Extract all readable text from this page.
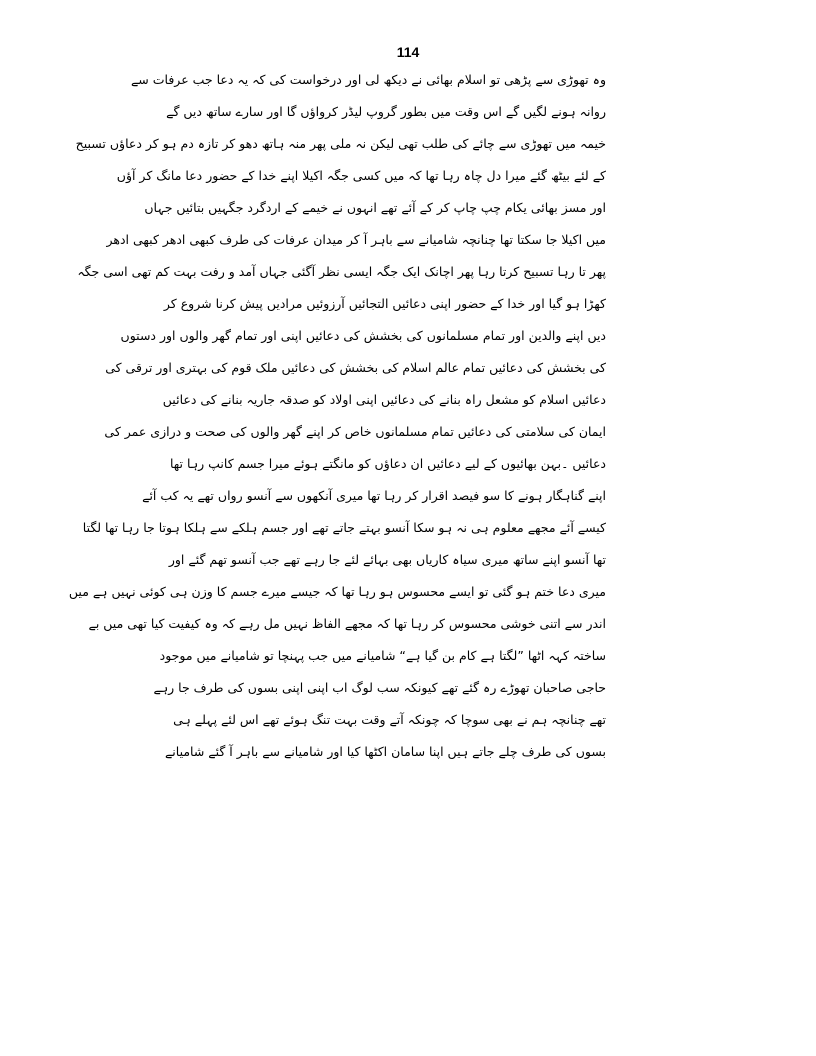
114
وہ تھوڑی سے پڑھی تو اسلام بھائی نے دیکھ لی اور درخواست کی کہ یہ دعا جب عرفات سے
روانہ ہونے لگیں گے اس وقت میں بطور گروپ لیڈر کرواؤں گا اور سارے ساتھ دیں گے
خیمہ میں تھوڑی سے چائے کی طلب تھی لیکن نہ ملی پھر منہ ہاتھ دھو کر تازہ دم ہو کر دعاؤں تسبیح
کے لئے بیٹھ گئے میرا دل چاہ رہا تھا کہ میں کسی جگہ اکیلا اپنے خدا کے حضور دعا مانگ کر آؤں
اور مسز بھائی یکام چپ چاپ کر کے آئے تھے انہوں نے خیمے کے اردگرد جگہیں بتائیں جہاں
میں اکیلا جا سکتا تھا چنانچہ شامیانے سے باہر آ کر میدان عرفات کی طرف کبھی ادھر کبھی ادھر
پھر تا رہا تسبیح کرتا رہا پھر اچانک ایک جگہ ایسی نظر آگئی جہاں آمد و رفت بہت کم تھی اسی جگہ
کھڑا ہو گیا اور خدا کے حضور اپنی دعائیں التجائیں آرزوئیں مرادیں پیش کرنا شروع کر
دیں اپنے والدین اور تمام مسلمانوں کی بخشش کی دعائیں اپنی اور تمام گھر والوں اور دستوں
کی بخشش کی دعائیں تمام عالم اسلام کی بخشش کی دعائیں ملک قوم کی بہتری اور ترقی کی
دعائیں اسلام کو مشعل راہ بنانے کی دعائیں اپنی اولاد کو صدقہ جاریہ بنانے کی دعائیں
ایمان کی سلامتی کی دعائیں تمام مسلمانوں خاص کر اپنے گھر والوں کی صحت و درازی عمر کی
دعائیں ۔بہن بھائیوں کے لیے دعائیں ان دعاؤں کو مانگتے ہوئے میرا جسم کانپ رہا تھا
اپنے گناہگار ہونے کا سو فیصد اقرار کر رہا تھا میری آنکھوں سے آنسو رواں تھے یہ کب آئے
کیسے آئے مجھے معلوم ہی نہ ہو سکا آنسو بہتے جاتے تھے اور جسم ہلکے سے ہلکا ہوتا جا رہا تھا لگتا
تھا آنسو اپنے ساتھ میری سیاہ کاریاں بھی بہائے لئے جا رہے تھے جب آنسو تھم گئے اور
میری دعا ختم ہو گئی تو ایسے محسوس ہو رہا تھا کہ جیسے میرے جسم کا وزن ہی کوئی نہیں ہے میں
اندر سے اتنی خوشی محسوس کر رہا تھا کہ مجھے الفاظ نہیں مل رہے کہ وہ کیفیت کیا تھی میں بے
ساختہ کہہ اٹھا ”لگتا ہے کام بن گیا ہے“ شامیانے میں جب پہنچا تو شامیانے میں موجود
حاجی صاحبان تھوڑے رہ گئے تھے کیونکہ سب لوگ اب اپنی اپنی بسوں کی طرف جا رہے
تھے چنانچہ ہم نے بھی سوچا کہ چونکہ آتے وقت بہت تنگ ہوئے تھے اس لئے پہلے ہی
بسوں کی طرف چلے جاتے ہیں اپنا سامان اکٹھا کیا اور شامیانے سے باہر آ گئے شامیانے
